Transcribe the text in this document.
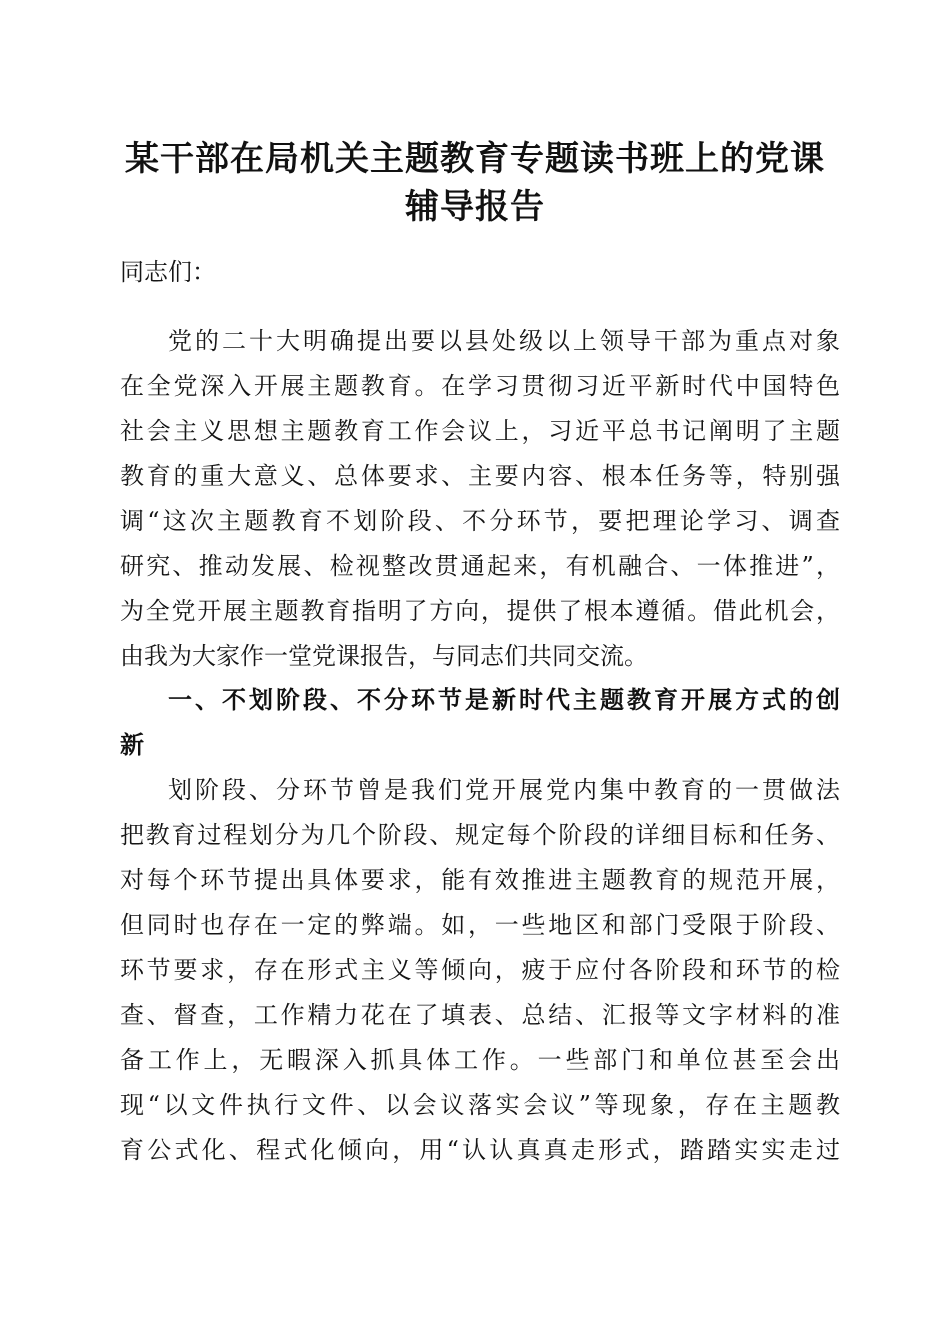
某干部在局机关主题教育专题读书班上的党课
辅导报告
同志们：
党的二十大明确提出要以县处级以上领导干部为重点对象
在全党深入开展主题教育。在学习贯彻习近平新时代中国特色
社会主义思想主题教育工作会议上，习近平总书记阐明了主题
教育的重大意义、总体要求、主要内容、根本任务等，特别强
调“这次主题教育不划阶段、不分环节，要把理论学习、调查
研究、推动发展、检视整改贯通起来，有机融合、一体推进”，
为全党开展主题教育指明了方向，提供了根本遵循。借此机会，
由我为大家作一堂党课报告，与同志们共同交流。
一、不划阶段、不分环节是新时代主题教育开展方式的创
新
划阶段、分环节曾是我们党开展党内集中教育的一贯做法
把教育过程划分为几个阶段、规定每个阶段的详细目标和任务、
对每个环节提出具体要求，能有效推进主题教育的规范开展，
但同时也存在一定的弊端。如，一些地区和部门受限于阶段、
环节要求，存在形式主义等倾向，疲于应付各阶段和环节的检
查、督查，工作精力花在了填表、总结、汇报等文字材料的准
备工作上，无暇深入抓具体工作。一些部门和单位甚至会出
现“以文件执行文件、以会议落实会议”等现象，存在主题教
育公式化、程式化倾向，用“认认真真走形式，踏踏实实走过
